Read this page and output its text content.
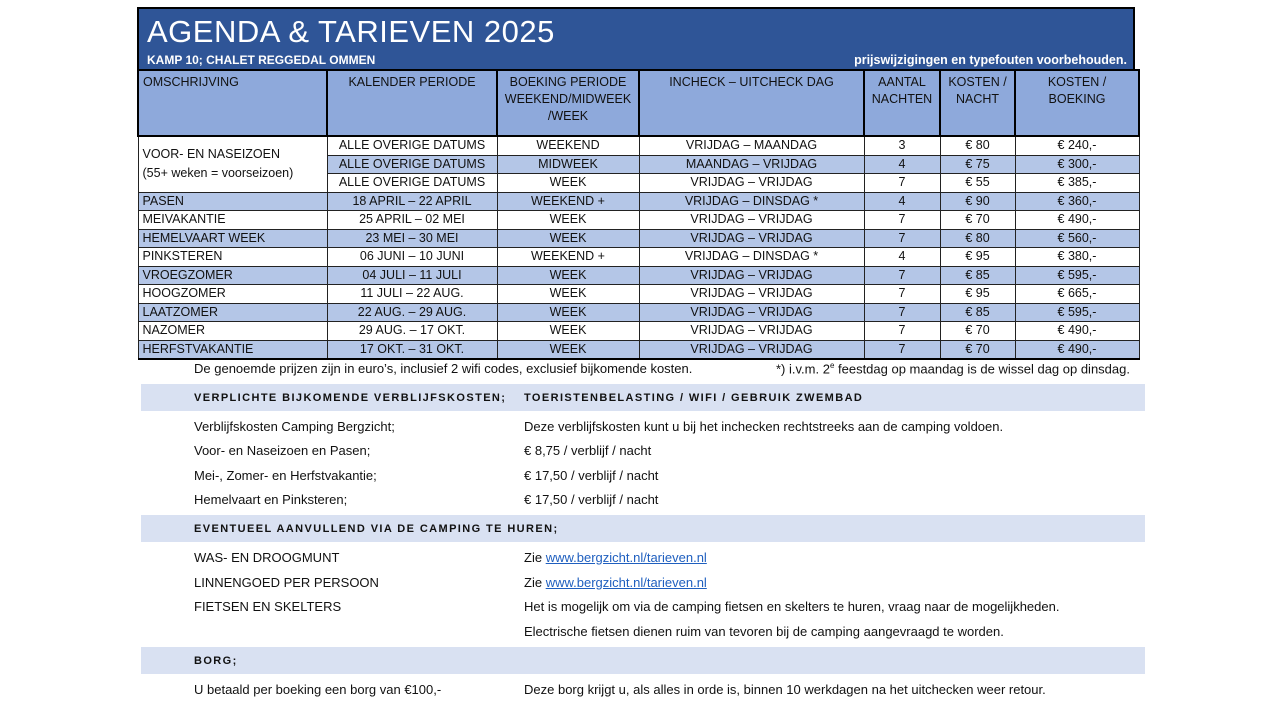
AGENDA & TARIEVEN 2025
KAMP 10; CHALET REGGEDAL OMMEN	prijswijzigingen en typefouten voorbehouden.
OMSCHRIJVING	KALENDER PERIODE	BOEKING PERIODE WEEKEND/MIDWEEK /WEEK	INCHECK – UITCHECK DAG	AANTAL NACHTEN	KOSTEN / NACHT	KOSTEN / BOEKING
VOOR- EN NASEIZOEN
(55+ weken = voorseizoen)	ALLE OVERIGE DATUMS	WEEKEND	VRIJDAG – MAANDAG	3	€ 80	€ 240,-
	ALLE OVERIGE DATUMS	MIDWEEK	MAANDAG – VRIJDAG	4	€ 75	€ 300,-
	ALLE OVERIGE DATUMS	WEEK	VRIJDAG – VRIJDAG	7	€ 55	€ 385,-
PASEN	18 APRIL – 22 APRIL	WEEKEND +	VRIJDAG – DINSDAG *	4	€ 90	€ 360,-
MEIVAKANTIE	25 APRIL – 02 MEI	WEEK	VRIJDAG – VRIJDAG	7	€ 70	€ 490,-
HEMELVAART WEEK	23 MEI – 30 MEI	WEEK	VRIJDAG – VRIJDAG	7	€ 80	€ 560,-
PINKSTEREN	06 JUNI – 10 JUNI	WEEKEND +	VRIJDAG – DINSDAG *	4	€ 95	€ 380,-
VROEGZOMER	04 JULI – 11 JULI	WEEK	VRIJDAG – VRIJDAG	7	€ 85	€ 595,-
HOOGZOMER	11 JULI – 22 AUG.	WEEK	VRIJDAG – VRIJDAG	7	€ 95	€ 665,-
LAATZOMER	22 AUG. – 29 AUG.	WEEK	VRIJDAG – VRIJDAG	7	€ 85	€ 595,-
NAZOMER	29 AUG. – 17 OKT.	WEEK	VRIJDAG – VRIJDAG	7	€ 70	€ 490,-
HERFSTVAKANTIE	17 OKT. – 31 OKT.	WEEK	VRIJDAG – VRIJDAG	7	€ 70	€ 490,-
De genoemde prijzen zijn in euro’s, inclusief 2 wifi codes, exclusief bijkomende kosten.	*) i.v.m. 2e feestdag op maandag is de wissel dag op dinsdag.
VERPLICHTE BIJKOMENDE VERBLIJFSKOSTEN; TOERISTENBELASTING / WIFI / GEBRUIK ZWEMBAD
Verblijfskosten Camping Bergzicht;	Deze verblijfskosten kunt u bij het inchecken rechtstreeks aan de camping voldoen.
Voor- en Naseizoen en Pasen;	€ 8,75 / verblijf / nacht
Mei-, Zomer- en Herfstvakantie;	€ 17,50 / verblijf / nacht
Hemelvaart en Pinksteren;	€ 17,50 / verblijf / nacht
EVENTUEEL AANVULLEND VIA DE CAMPING TE HUREN;
WAS- EN DROOGMUNT	Zie www.bergzicht.nl/tarieven.nl
LINNENGOED PER PERSOON	Zie www.bergzicht.nl/tarieven.nl
FIETSEN EN SKELTERS	Het is mogelijk om via de camping fietsen en skelters te huren, vraag naar de mogelijkheden.
Electrische fietsen dienen ruim van tevoren bij de camping aangevraagd te worden.
BORG;
U betaald per boeking een borg van €100,-	Deze borg krijgt u, als alles in orde is, binnen 10 werkdagen na het uitchecken weer retour.
